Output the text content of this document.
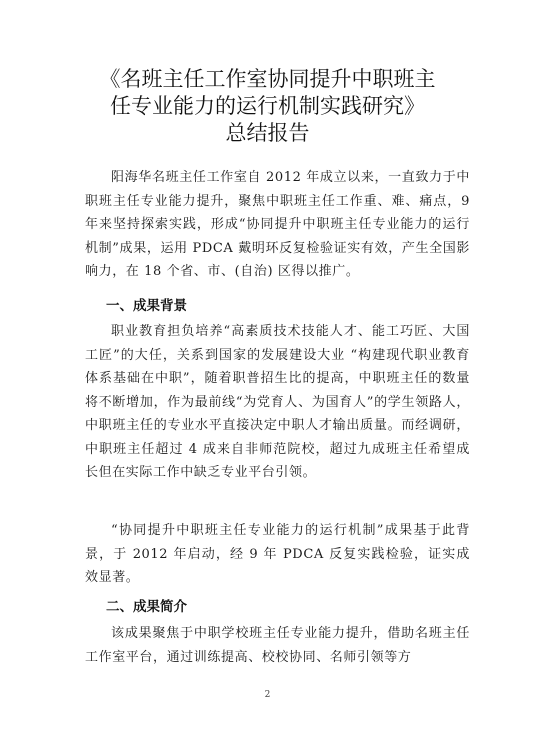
《名班主任工作室协同提升中职班主
任专业能力的运行机制实践研究》
总结报告
阳海华名班主任工作室自 2012 年成立以来，一直致力于中职班主任专业能力提升，聚焦中职班主任工作重、难、痛点，9 年来坚持探索实践，形成“协同提升中职班主任专业能力的运行机制”成果，运用 PDCA 戴明环反复检验证实有效，产生全国影响力，在 18 个省、市、(自治) 区得以推广。
一、成果背景
职业教育担负培养“高素质技术技能人才、能工巧匠、大国工匠”的大任，关系到国家的发展建设大业 “构建现代职业教育体系基础在中职”，随着职普招生比的提高，中职班主任的数量将不断增加，作为最前线“为党育人、为国育人”的学生领路人，中职班主任的专业水平直接决定中职人才输出质量。而经调研，中职班主任超过 4 成来自非师范院校，超过九成班主任希望成长但在实际工作中缺乏专业平台引领。
“协同提升中职班主任专业能力的运行机制”成果基于此背景，于 2012 年启动，经 9 年 PDCA 反复实践检验，证实成效显著。
二、成果简介
该成果聚焦于中职学校班主任专业能力提升，借助名班主任工作室平台，通过训练提高、校校协同、名师引领等方
2
